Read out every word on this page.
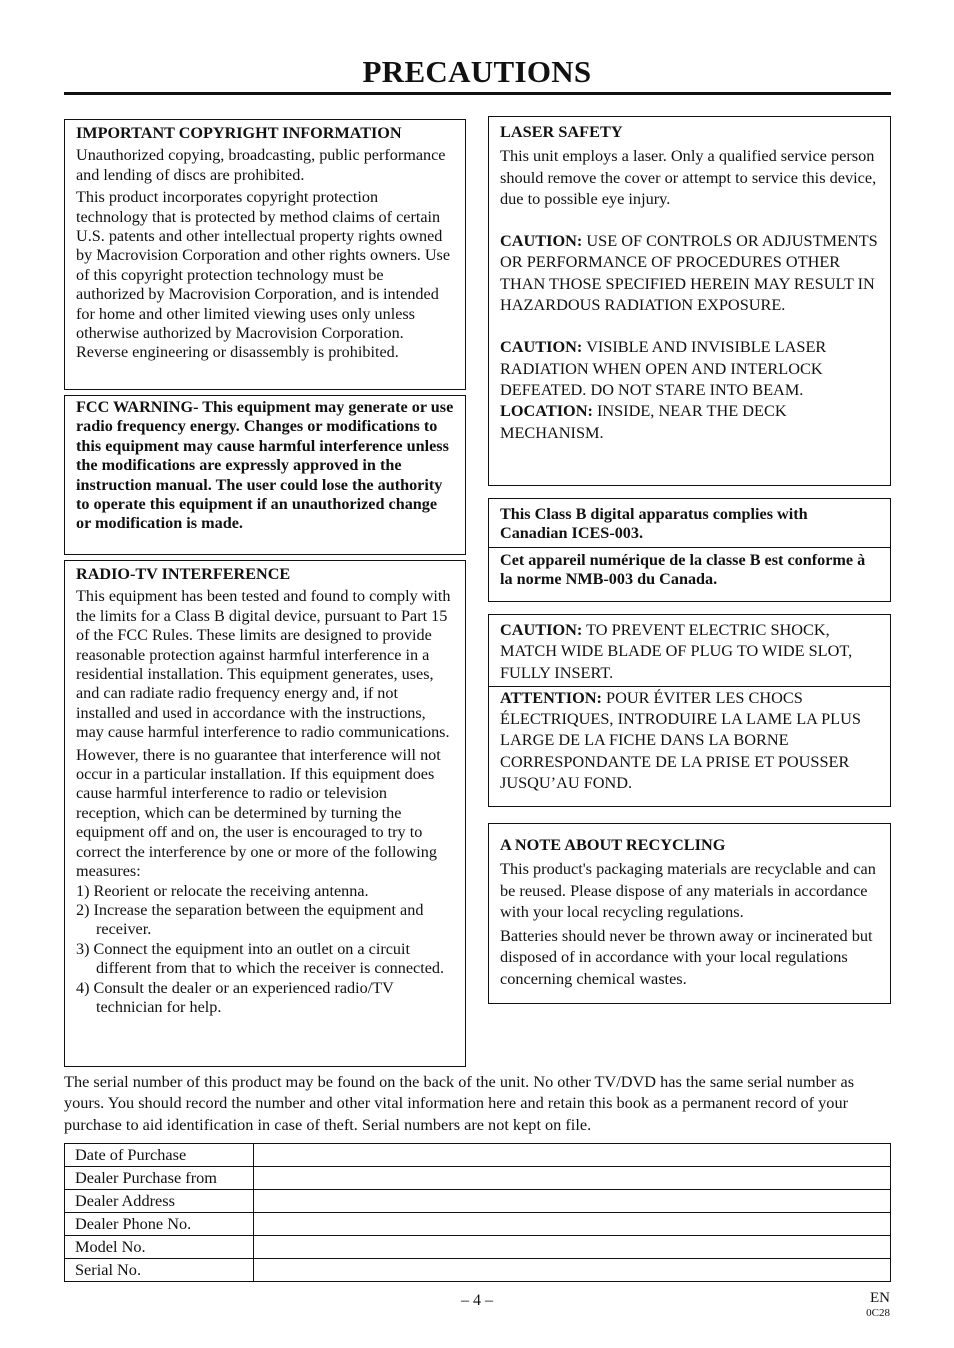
PRECAUTIONS

IMPORTANT COPYRIGHT INFORMATION

Unauthorized copying, broadcasting, public performance and lending of discs are prohibited.

This product incorporates copyright protection technology that is protected by method claims of certain U.S. patents and other intellectual property rights owned by Macrovision Corporation and other rights owners. Use of this copyright protection technology must be authorized by Macrovision Corporation, and is intended for home and other limited viewing uses only unless otherwise authorized by Macrovision Corporation. Reverse engineering or disassembly is prohibited.

FCC WARNING- This equipment may generate or use radio frequency energy. Changes or modifications to this equipment may cause harmful interference unless the modifications are expressly approved in the instruction manual. The user could lose the authority to operate this equipment if an unauthorized change or modification is made.

RADIO-TV INTERFERENCE

This equipment has been tested and found to comply with the limits for a Class B digital device, pursuant to Part 15 of the FCC Rules. These limits are designed to provide reasonable protection against harmful interference in a residential installation. This equipment generates, uses, and can radiate radio frequency energy and, if not installed and used in accordance with the instructions, may cause harmful interference to radio communications.

However, there is no guarantee that interference will not occur in a particular installation. If this equipment does cause harmful interference to radio or television reception, which can be determined by turning the equipment off and on, the user is encouraged to try to correct the interference by one or more of the following measures:

1) Reorient or relocate the receiving antenna.

2) Increase the separation between the equipment and receiver.

3) Connect the equipment into an outlet on a circuit different from that to which the receiver is connected.

4) Consult the dealer or an experienced radio/TV technician for help.

LASER SAFETY

This unit employs a laser. Only a qualified service person should remove the cover or attempt to service this device, due to possible eye injury.

CAUTION: USE OF CONTROLS OR ADJUSTMENTS OR PERFORMANCE OF PROCEDURES OTHER THAN THOSE SPECIFIED HEREIN MAY RESULT IN HAZARDOUS RADIATION EXPOSURE.

CAUTION: VISIBLE AND INVISIBLE LASER RADIATION WHEN OPEN AND INTERLOCK DEFEATED. DO NOT STARE INTO BEAM.

LOCATION: INSIDE, NEAR THE DECK MECHANISM.

This Class B digital apparatus complies with Canadian ICES-003.

Cet appareil numérique de la classe B est conforme à la norme NMB-003 du Canada.

CAUTION: TO PREVENT ELECTRIC SHOCK, MATCH WIDE BLADE OF PLUG TO WIDE SLOT, FULLY INSERT.

ATTENTION: POUR ÉVITER LES CHOCS ÉLECTRIQUES, INTRODUIRE LA LAME LA PLUS LARGE DE LA FICHE DANS LA BORNE CORRESPONDANTE DE LA PRISE ET POUSSER JUSQU’AU FOND.

A NOTE ABOUT RECYCLING

This product's packaging materials are recyclable and can be reused. Please dispose of any materials in accordance with your local recycling regulations.

Batteries should never be thrown away or incinerated but disposed of in accordance with your local regulations concerning chemical wastes.

The serial number of this product may be found on the back of the unit. No other TV/DVD has the same serial number as yours. You should record the number and other vital information here and retain this book as a permanent record of your purchase to aid identification in case of theft. Serial numbers are not kept on file.

Date of Purchase	
Dealer Purchase from	
Dealer Address	
Dealer Phone No.	
Model No.	
Serial No.	
– 4 –	EN
0C28
